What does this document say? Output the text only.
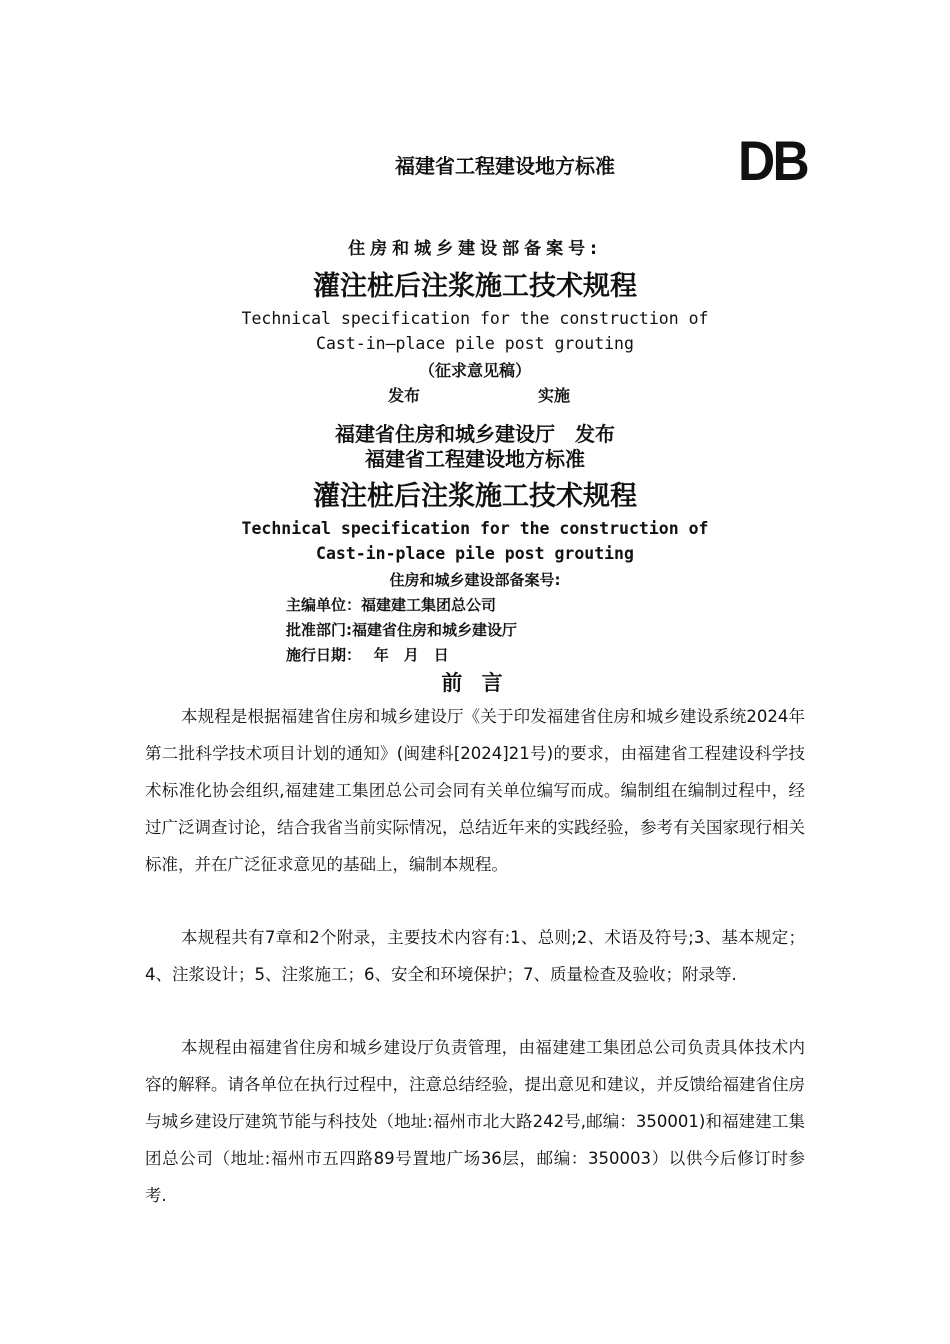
福建省工程建设地方标准 DB
住房和城乡建设部备案号:
灌注桩后注浆施工技术规程
Technical specification for the construction of
Cast-in—place pile post grouting
（征求意见稿）
发布	实施
福建省住房和城乡建设厅　发布
福建省工程建设地方标准
灌注桩后注浆施工技术规程
Technical specification for the construction of
Cast-in-place pile post grouting
住房和城乡建设部备案号:
主编单位：福建建工集团总公司
批准部门:福建省住房和城乡建设厅
施行日期：　 年　月　日
前 言
本规程是根据福建省住房和城乡建设厅《关于印发福建省住房和城乡建设系统2024年第二批科学技术项目计划的通知》(闽建科[2024]21号)的要求，由福建省工程建设科学技术标准化协会组织,福建建工集团总公司会同有关单位编写而成。编制组在编制过程中，经过广泛调查讨论，结合我省当前实际情况，总结近年来的实践经验，参考有关国家现行相关标准，并在广泛征求意见的基础上，编制本规程。
本规程共有7章和2个附录，主要技术内容有:1、总则;2、术语及符号;3、基本规定；4、注浆设计；5、注浆施工；6、安全和环境保护；7、质量检查及验收；附录等.
本规程由福建省住房和城乡建设厅负责管理，由福建建工集团总公司负责具体技术内容的解释。请各单位在执行过程中，注意总结经验，提出意见和建议，并反馈给福建省住房与城乡建设厅建筑节能与科技处（地址:福州市北大路242号,邮编：350001)和福建建工集团总公司（地址:福州市五四路89号置地广场36层，邮编：350003）以供今后修订时参考.
